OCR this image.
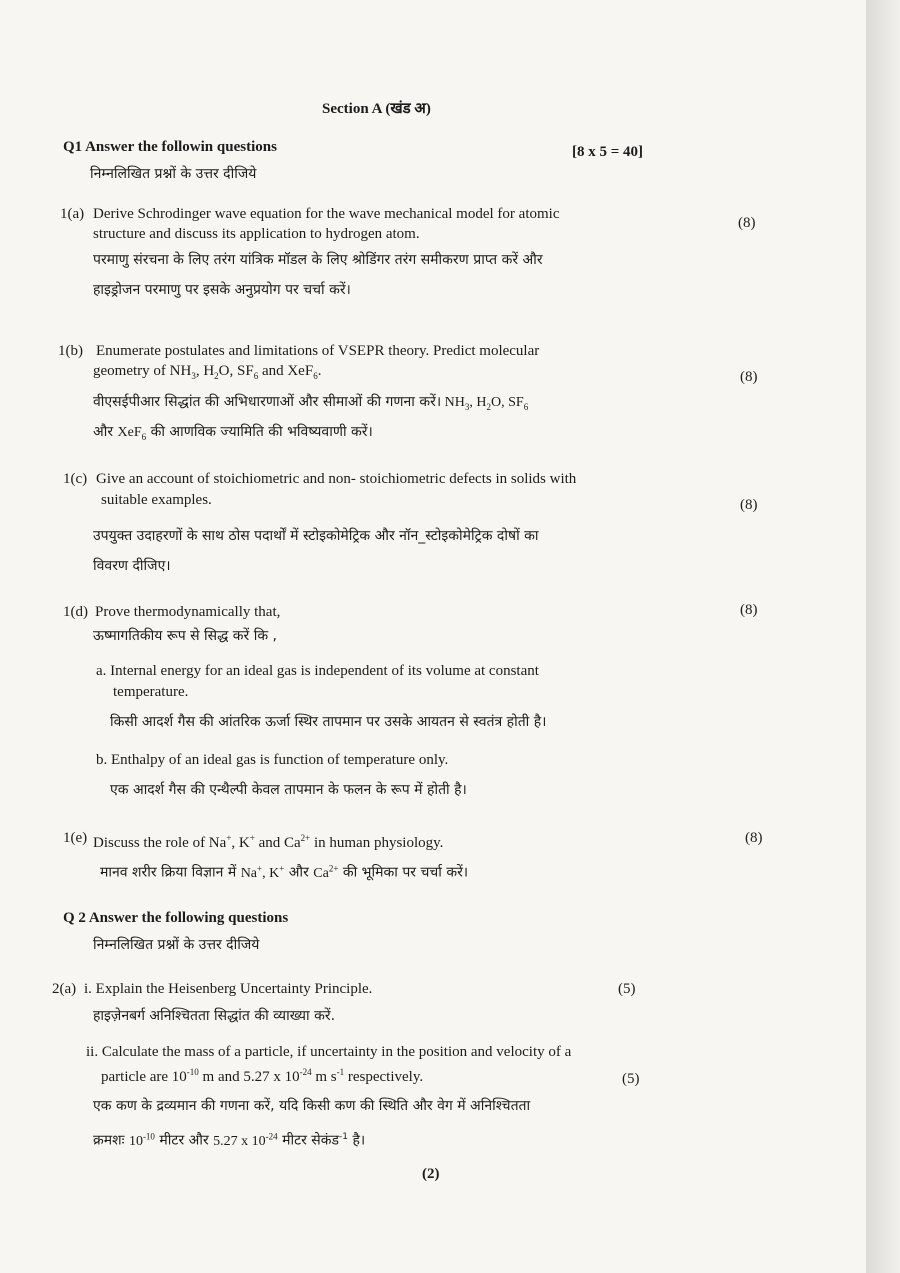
Section A (खंड अ)
Q1 Answer the followin questions	[8 x 5 = 40]
निम्नलिखित प्रश्नों के उत्तर दीजिये
1(a) Derive Schrodinger wave equation for the wave mechanical model for atomic
structure and discuss its application to hydrogen atom.
(8)
परमाणु संरचना के लिए तरंग यांत्रिक मॉडल के लिए श्रोडिंगर तरंग समीकरण प्राप्त करें और
हाइड्रोजन परमाणु पर इसके अनुप्रयोग पर चर्चा करें।
1(b) Enumerate postulates and limitations of VSEPR theory. Predict molecular
geometry of $NH_3$, $H_2O$, $SF_6$ and XeF$_6$.	(8)
वीएसईपीआर सिद्धांत की अभिधारणाओं और सीमाओं की गणना करें। $NH_3$, $H_2O$, $SF_6$
और XeF$_6$ की आणविक ज्यामिति की भविष्यवाणी करें।
1(c) Give an account of stoichiometric and non- stoichiometric defects in solids with
suitable examples.	(8)
उपयुक्त उदाहरणों के साथ ठोस पदार्थों में स्टोइकोमेट्रिक और नॉन_स्टोइकोमेट्रिक दोषों का
विवरण दीजिए।
1(d) Prove thermodynamically that,	(8)
ऊष्मागतिकीय रूप से सिद्ध करें कि ,
a. Internal energy for an ideal gas is independent of its volume at constant
temperature.
किसी आदर्श गैस की आंतरिक ऊर्जा स्थिर तापमान पर उसके आयतन से स्वतंत्र होती है।
b. Enthalpy of an ideal gas is function of temperature only.
एक आदर्श गैस की एन्थैल्पी केवल तापमान के फलन के रूप में होती है।
1(e) Discuss the role of Na+, K+ and $Ca^{2+}$ in human physiology.	(8)
मानव शरीर क्रिया विज्ञान में Na+, K+ और $Ca^{2+}$ की भूमिका पर चर्चा करें।
Q 2 Answer the following questions
निम्नलिखित प्रश्नों के उत्तर दीजिये
2(a) i. Explain the Heisenberg Uncertainty Principle.	(5)
हाइज़ेनबर्ग अनिश्चितता सिद्धांत की व्याख्या करें.
ii. Calculate the mass of a particle, if uncertainty in the position and velocity of a
particle are $10^{-10}$ m and 5.27 x $10^{-24}$ m $s^{-1}$ respectively.	(5)
एक कण के द्रव्यमान की गणना करें, यदि किसी कण की स्थिति और वेग में अनिश्चितता
क्रमशः $10^{-10}$ मीटर और 5.27 x $10^{-24}$ मीटर सेकंड$^{-1}$ है।
(2)
